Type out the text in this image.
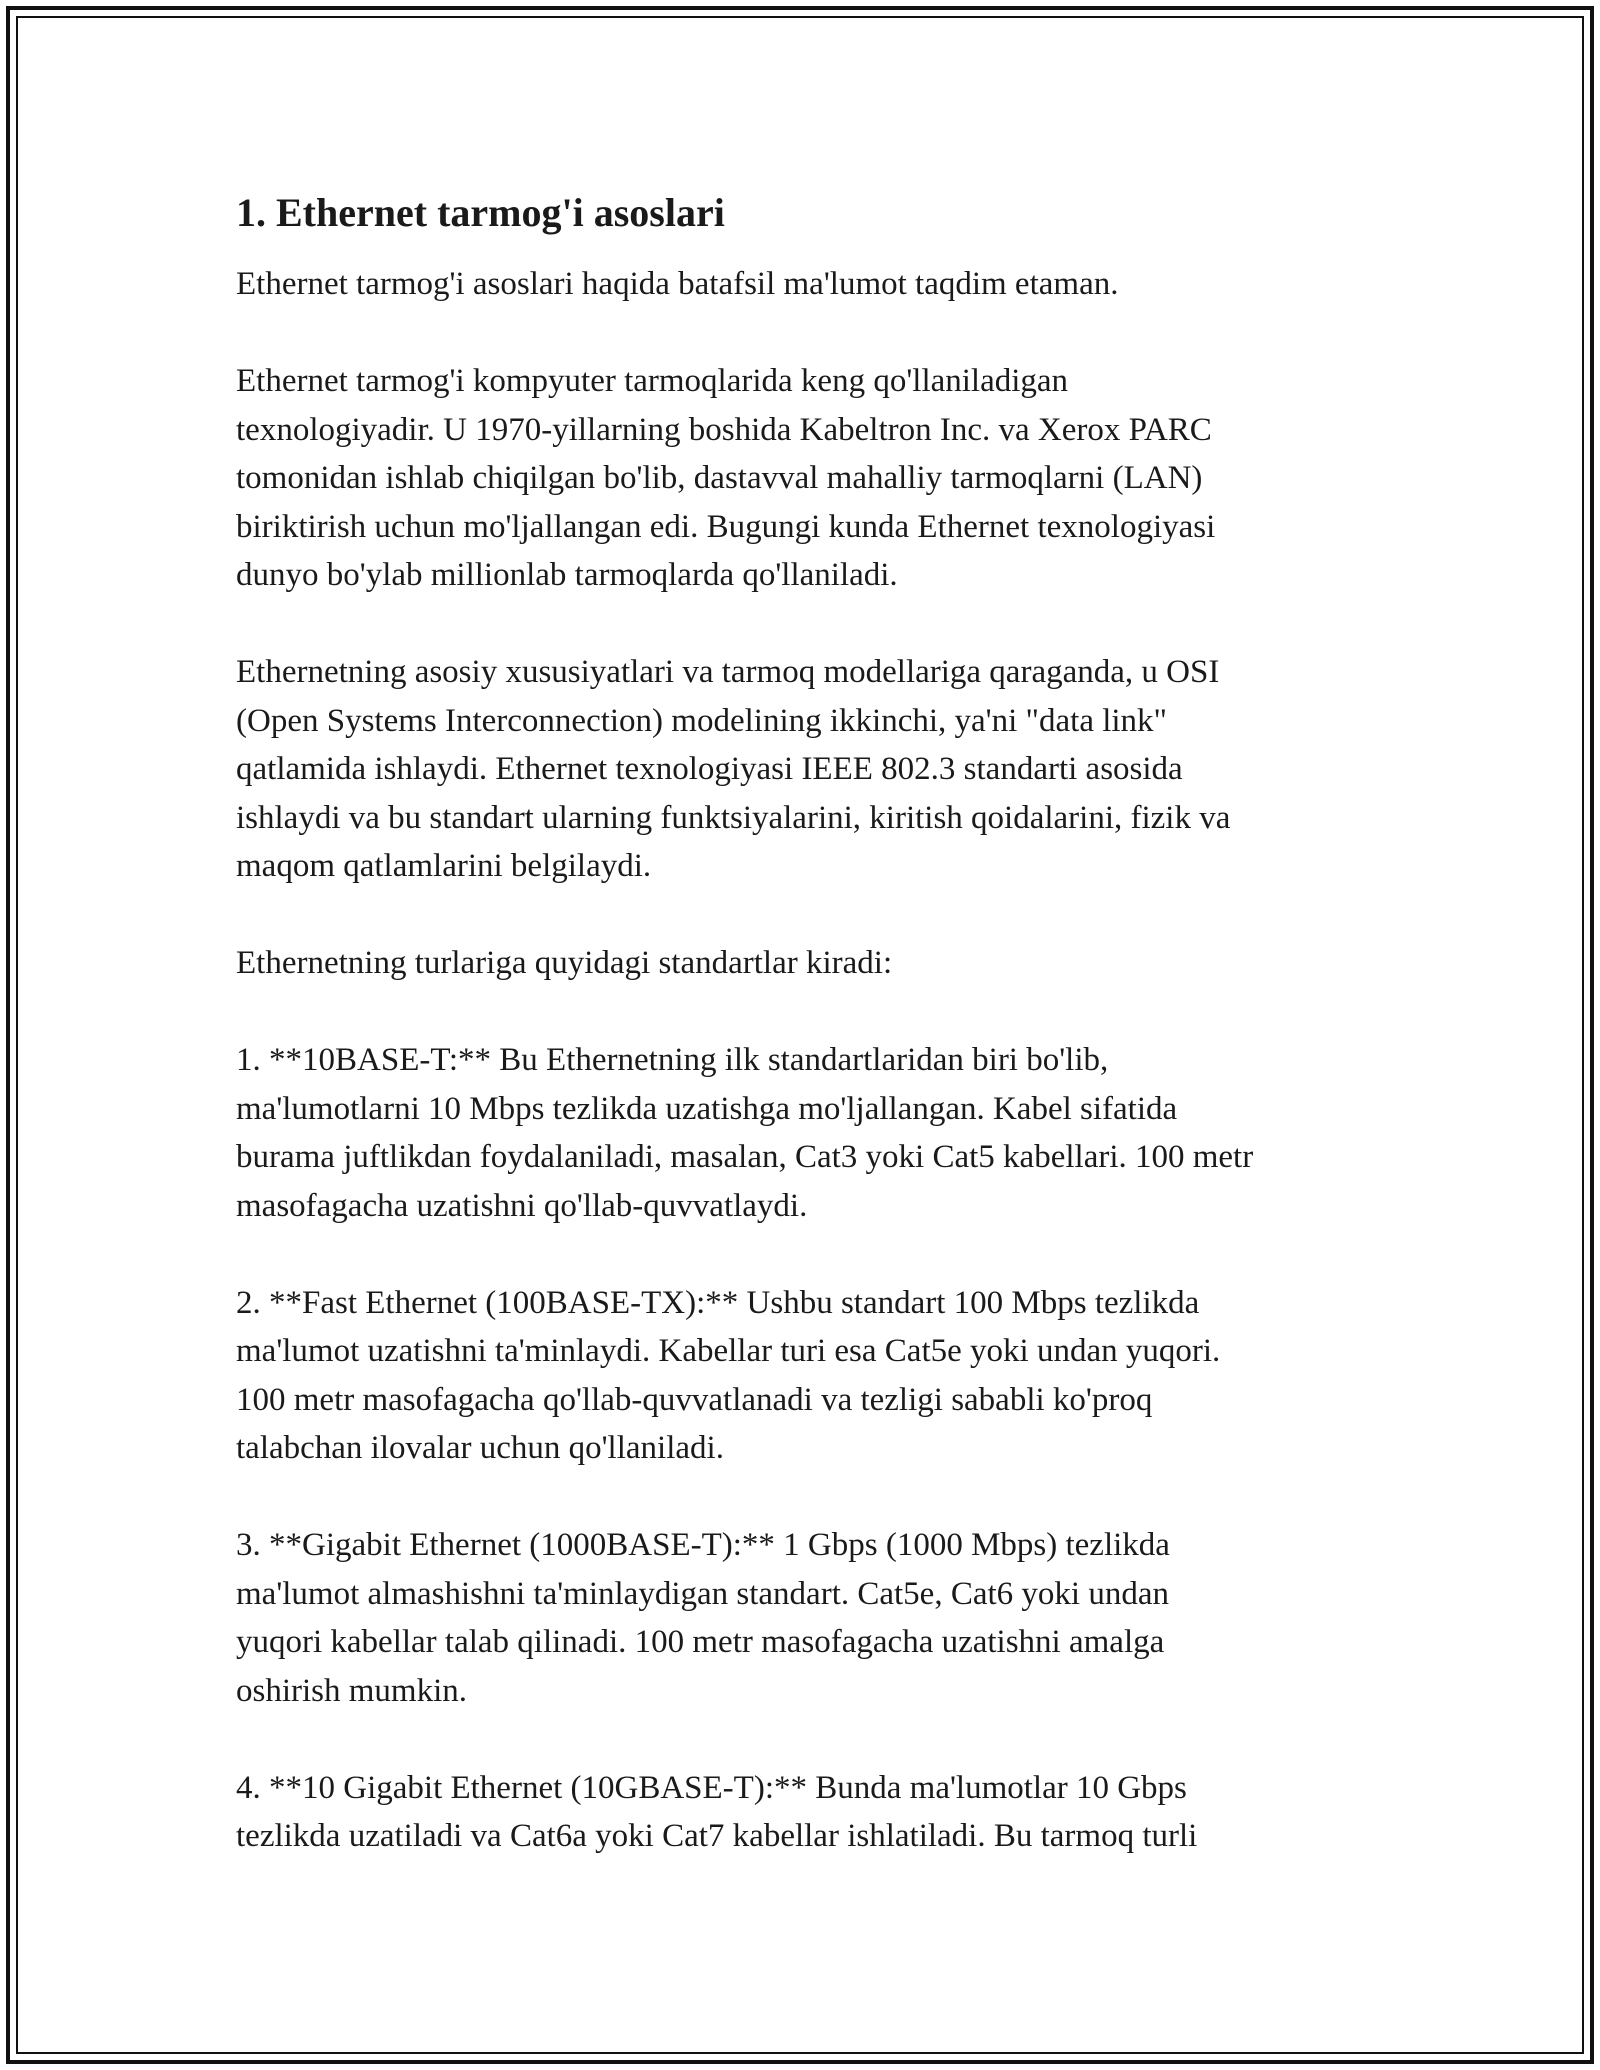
1. Ethernet tarmog'i asoslari

Ethernet tarmog'i asoslari haqida batafsil ma'lumot taqdim etaman.

Ethernet tarmog'i kompyuter tarmoqlarida keng qo'llaniladigan
texnologiyadir. U 1970-yillarning boshida Kabeltron Inc. va Xerox PARC
tomonidan ishlab chiqilgan bo'lib, dastavval mahalliy tarmoqlarni (LAN)
biriktirish uchun mo'ljallangan edi. Bugungi kunda Ethernet texnologiyasi
dunyo bo'ylab millionlab tarmoqlarda qo'llaniladi.

Ethernetning asosiy xususiyatlari va tarmoq modellariga qaraganda, u OSI
(Open Systems Interconnection) modelining ikkinchi, ya'ni "data link"
qatlamida ishlaydi. Ethernet texnologiyasi IEEE 802.3 standarti asosida
ishlaydi va bu standart ularning funktsiyalarini, kiritish qoidalarini, fizik va
maqom qatlamlarini belgilaydi.

Ethernetning turlariga quyidagi standartlar kiradi:

1. **10BASE-T:** Bu Ethernetning ilk standartlaridan biri bo'lib,
ma'lumotlarni 10 Mbps tezlikda uzatishga mo'ljallangan. Kabel sifatida
burama juftlikdan foydalaniladi, masalan, Cat3 yoki Cat5 kabellari. 100 metr
masofagacha uzatishni qo'llab-quvvatlaydi.

2. **Fast Ethernet (100BASE-TX):** Ushbu standart 100 Mbps tezlikda
ma'lumot uzatishni ta'minlaydi. Kabellar turi esa Cat5e yoki undan yuqori.
100 metr masofagacha qo'llab-quvvatlanadi va tezligi sababli ko'proq
talabchan ilovalar uchun qo'llaniladi.

3. **Gigabit Ethernet (1000BASE-T):** 1 Gbps (1000 Mbps) tezlikda
ma'lumot almashishni ta'minlaydigan standart. Cat5e, Cat6 yoki undan
yuqori kabellar talab qilinadi. 100 metr masofagacha uzatishni amalga
oshirish mumkin.

4. **10 Gigabit Ethernet (10GBASE-T):** Bunda ma'lumotlar 10 Gbps
tezlikda uzatiladi va Cat6a yoki Cat7 kabellar ishlatiladi. Bu tarmoq turli
